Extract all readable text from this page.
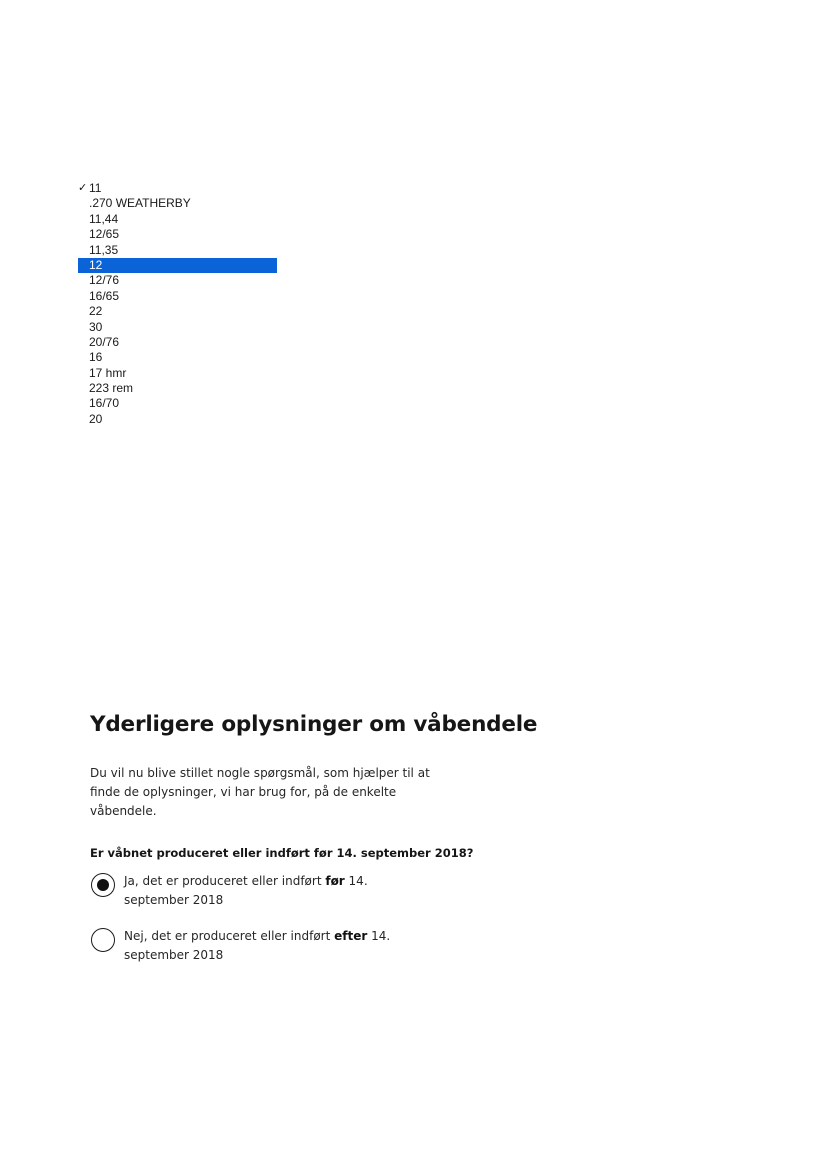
✓ 11
.270 WEATHERBY
11,44
12/65
11,35
12
12/76
16/65
22
30
20/76
16
17 hmr
223 rem
16/70
20
Yderligere oplysninger om våbendele

Du vil nu blive stillet nogle spørgsmål, som hjælper til at finde de oplysninger, vi har brug for, på de enkelte våbendele.

Er våbnet produceret eller indført før 14. september 2018?

Ja, det er produceret eller indført før 14. september 2018
Nej, det er produceret eller indført efter 14. september 2018
